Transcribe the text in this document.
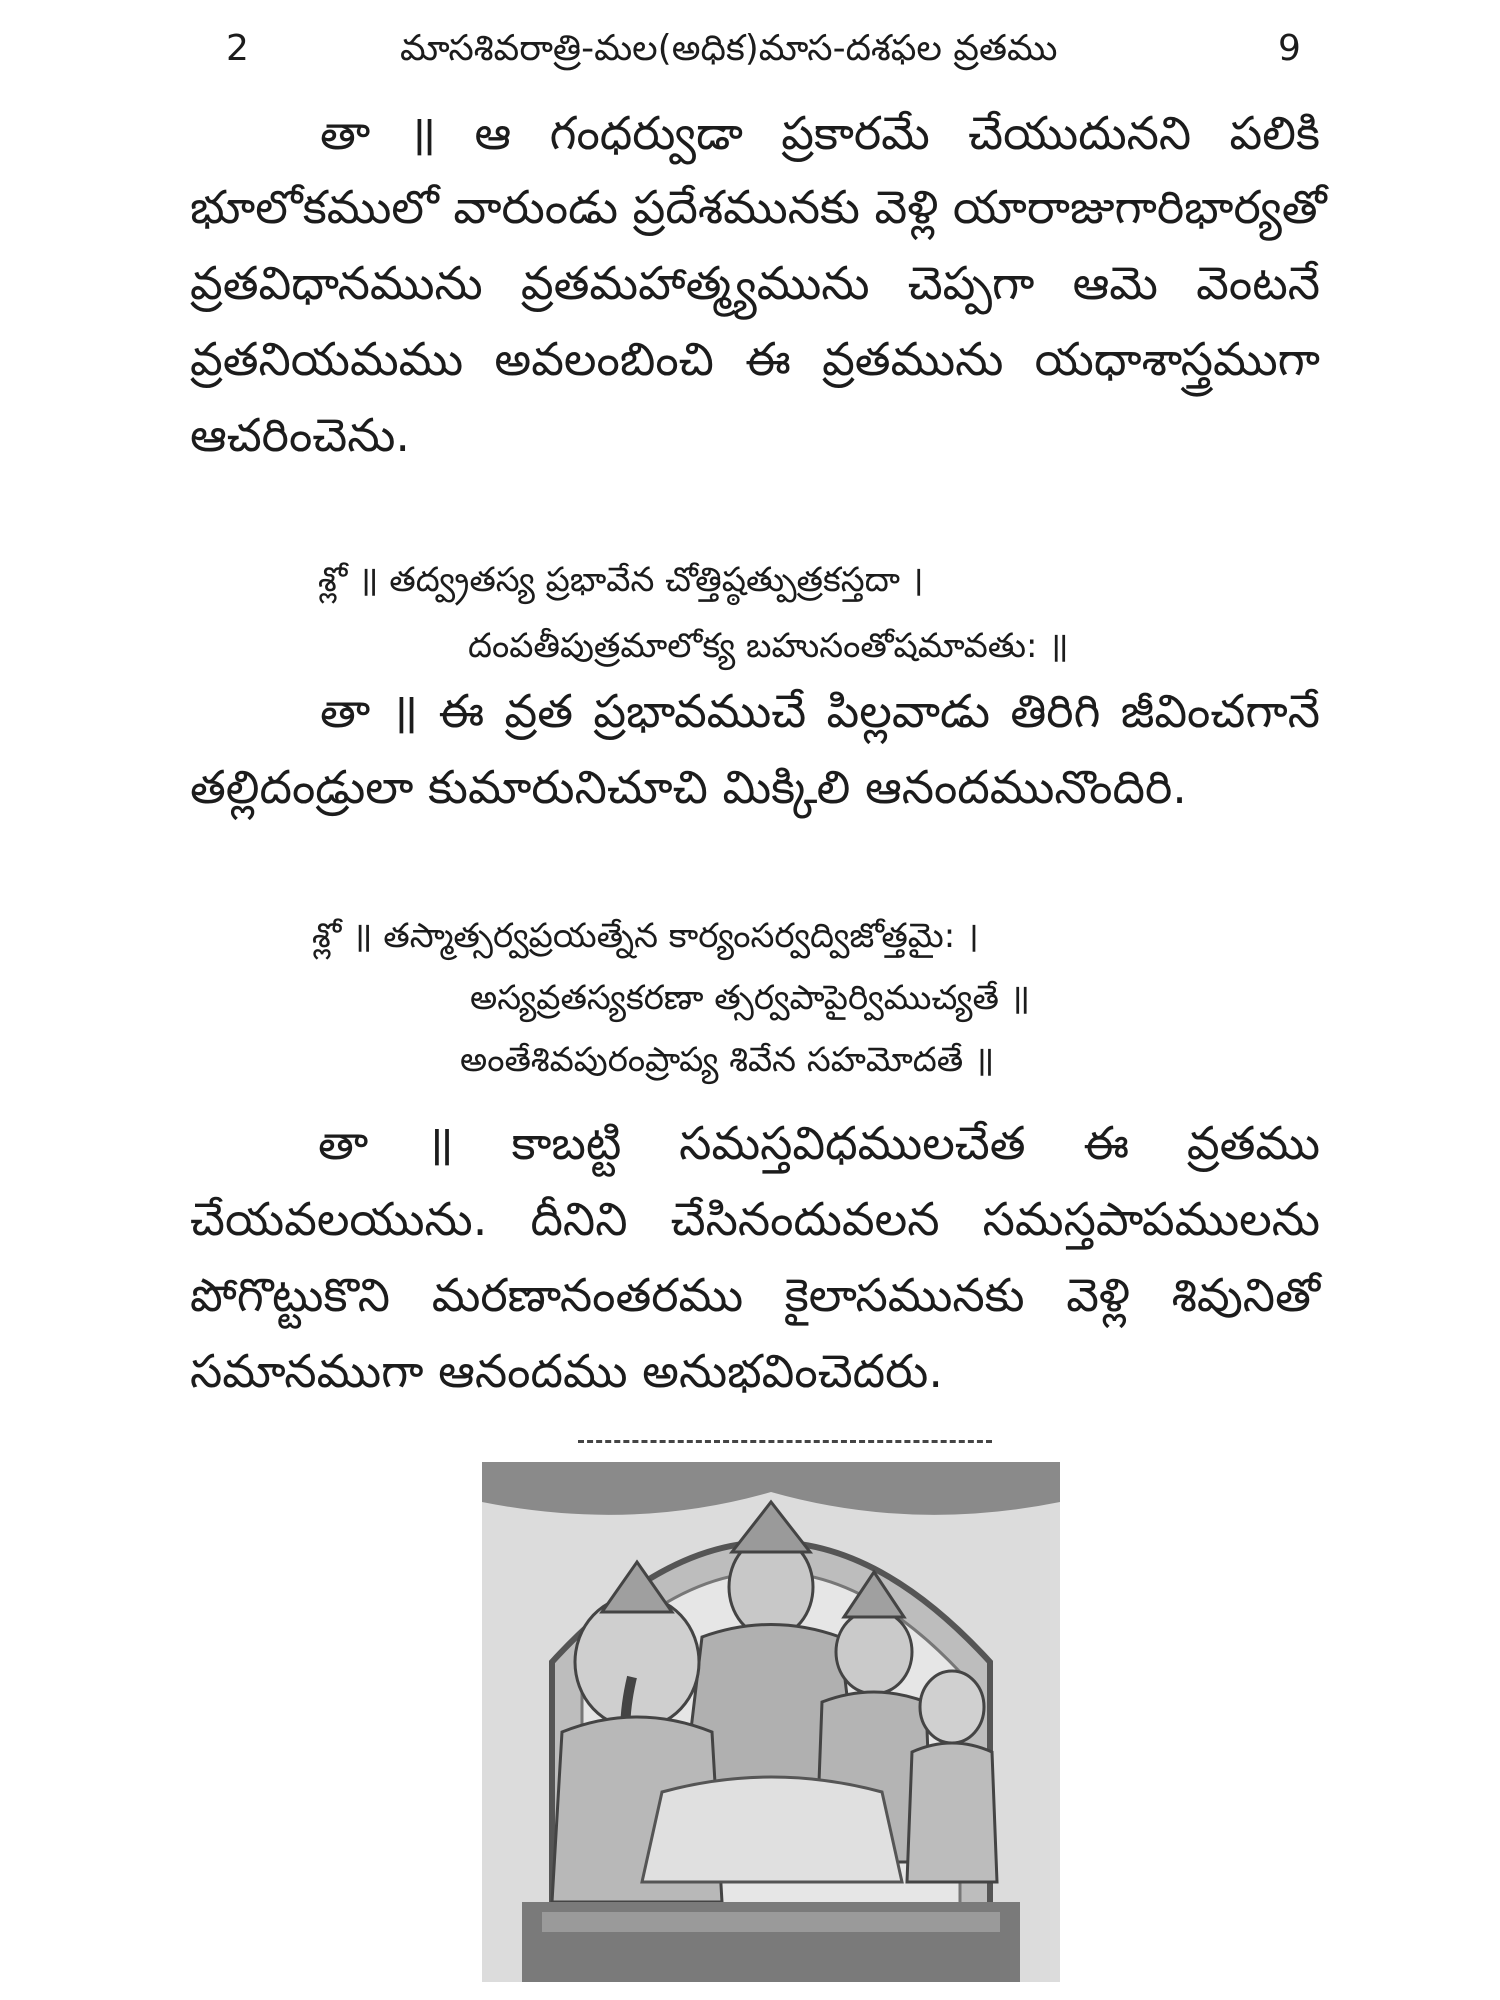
2	మాసశివరాత్రి-మల(అధిక)మాస-దశఫల వ్రతము	9
తా ॥ ఆ గంధర్వుడా ప్రకారమే చేయుదునని పలికి
భూలోకములో వారుండు ప్రదేశమునకు వెళ్లి యారాజుగారిభార్యతో
వ్రతవిధానమును వ్రతమహాత్మ్యమును చెప్పగా ఆమె వెంటనే
వ్రతనియమము అవలంబించి ఈ వ్రతమును యధాశాస్త్రముగా
ఆచరించెను.
శ్లో ॥ తద్వ్రతస్య ప్రభావేన చోత్తిష్ఠత్పుత్రకస్తదా ।
దంపతీపుత్రమాలోక్య బహుసంతోషమావతు: ॥
తా ॥ ఈ వ్రత ప్రభావముచే పిల్లవాడు తిరిగి జీవించగానే
తల్లిదండ్రులా కుమారునిచూచి మిక్కిలి ఆనందమునొందిరి.
శ్లో ॥ తస్మాత్సర్వప్రయత్నేన కార్యంసర్వద్విజోత్తమై: ।
అస్యవ్రతస్యకరణా త్సర్వపాపైర్విముచ్యతే ॥
అంతేశివపురంప్రాప్య శివేన సహమోదతే ॥
తా ॥ కాబట్టి సమస్తవిధములచేత ఈ వ్రతము
చేయవలయును. దీనిని చేసినందువలన సమస్తపాపములను
పోగొట్టుకొని మరణానంతరము కైలాసమునకు వెళ్లి శివునితో
సమానముగా ఆనందము అనుభవించెదరు.
